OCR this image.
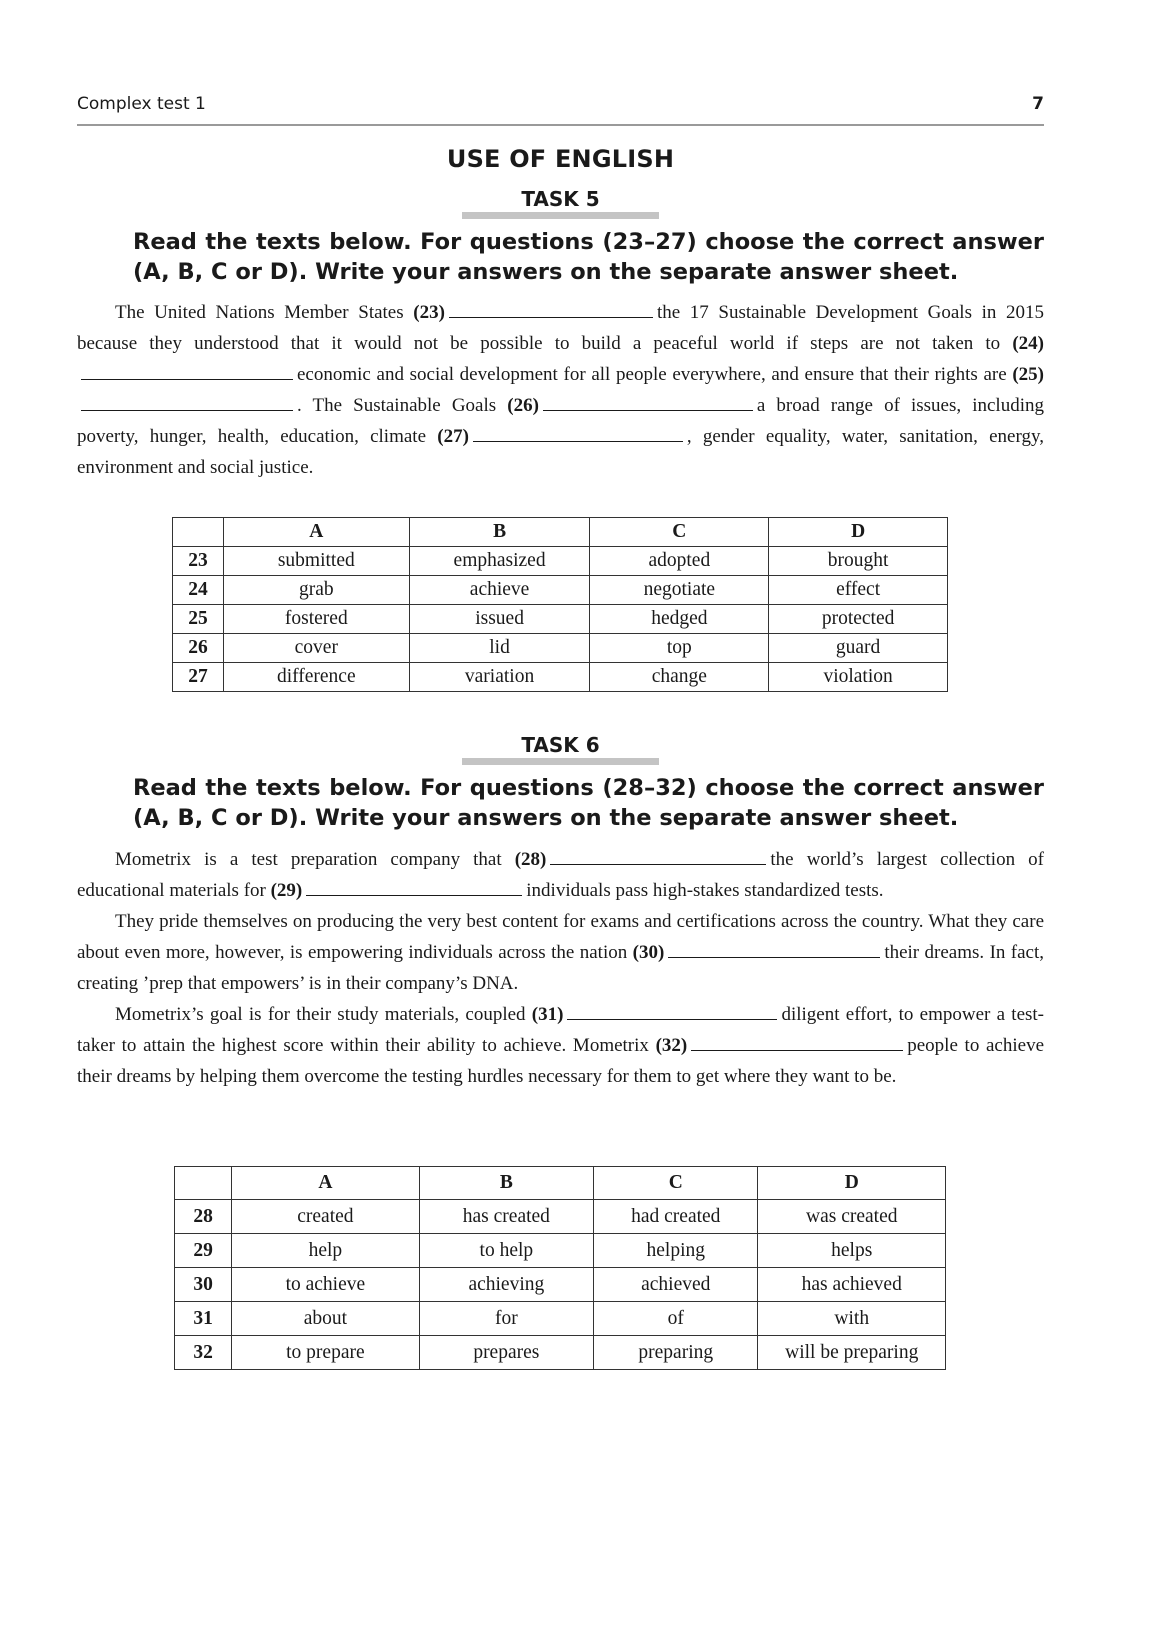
Complex test 1	7
USE OF ENGLISH
TASK 5
Read the texts below. For questions (23–27) choose the correct answer (A, B, C or D). Write your answers on the separate answer sheet.
The United Nations Member States (23)	the 17 Sustainable Development Goals in 2015 because they understood that it would not be possible to build a peaceful world if steps are not taken to (24)economic and social development for all people everywhere, and ensure that their rights are (25). The Sustainable Goals (26)	a broad range of issues, including poverty, hunger, health, education, climate (27)	, gender equality, water, sanitation, energy, environment and social justice.
	A	B	C	D
23	submitted	emphasized	adopted	brought
24	grab	achieve	negotiate	effect
25	fostered	issued	hedged	protected
26	cover	lid	top	guard
27	difference	variation	change	violation
TASK 6
Read the texts below. For questions (28–32) choose the correct answer (A, B, C or D). Write your answers on the separate answer sheet.
Mometrix is a test preparation company that (28)	the world’s largest collection of educational materials for (29)	individuals pass high-stakes standardized tests.
They pride themselves on producing the very best content for exams and certifications across the country. What they care about even more, however, is empowering individuals across the nation (30)	their dreams. In fact, creating ’prep that empowers’ is in their company’s DNA.
Mometrix’s goal is for their study materials, coupled (31)	diligent effort, to empower a test-taker to attain the highest score within their ability to achieve. Mometrix (32)	people to achieve their dreams by helping them overcome the testing hurdles necessary for them to get where they want to be.
	A	B	C	D
28	created	has created	had created	was created
29	help	to help	helping	helps
30	to achieve	achieving	achieved	has achieved
31	about	for	of	with
32	to prepare	prepares	preparing	will be preparing
